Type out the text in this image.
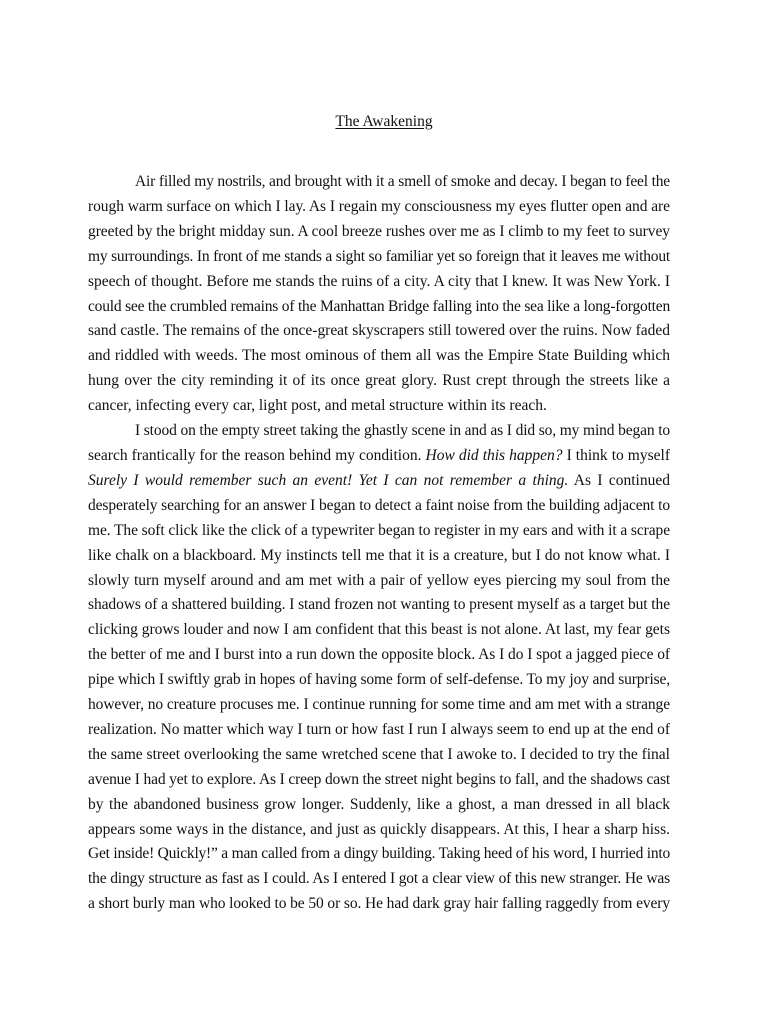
The Awakening

Air filled my nostrils, and brought with it a smell of smoke and decay. I began to feel the
rough warm surface on which I lay. As I regain my consciousness my eyes flutter open and are
greeted by the bright midday sun. A cool breeze rushes over me as I climb to my feet to survey
my surroundings. In front of me stands a sight so familiar yet so foreign that it leaves me without
speech of thought. Before me stands the ruins of a city. A city that I knew. It was New York. I
could see the crumbled remains of the Manhattan Bridge falling into the sea like a long-forgotten
sand castle. The remains of the once-great skyscrapers still towered over the ruins. Now faded
and riddled with weeds. The most ominous of them all was the Empire State Building which
hung over the city reminding it of its once great glory. Rust crept through the streets like a
cancer, infecting every car, light post, and metal structure within its reach.

I stood on the empty street taking the ghastly scene in and as I did so, my mind began to
search frantically for the reason behind my condition. How did this happen? I think to myself
Surely I would remember such an event! Yet I can not remember a thing. As I continued
desperately searching for an answer I began to detect a faint noise from the building adjacent to
me. The soft click like the click of a typewriter began to register in my ears and with it a scrape
like chalk on a blackboard. My instincts tell me that it is a creature, but I do not know what. I
slowly turn myself around and am met with a pair of yellow eyes piercing my soul from the
shadows of a shattered building. I stand frozen not wanting to present myself as a target but the
clicking grows louder and now I am confident that this beast is not alone. At last, my fear gets
the better of me and I burst into a run down the opposite block. As I do I spot a jagged piece of
pipe which I swiftly grab in hopes of having some form of self-defense. To my joy and surprise,
however, no creature procuses me. I continue running for some time and am met with a strange
realization. No matter which way I turn or how fast I run I always seem to end up at the end of
the same street overlooking the same wretched scene that I awoke to. I decided to try the final
avenue I had yet to explore. As I creep down the street night begins to fall, and the shadows cast
by the abandoned business grow longer. Suddenly, like a ghost, a man dressed in all black
appears some ways in the distance, and just as quickly disappears. At this, I hear a sharp hiss.
Get inside! Quickly!” a man called from a dingy building. Taking heed of his word, I hurried into
the dingy structure as fast as I could. As I entered I got a clear view of this new stranger. He was
a short burly man who looked to be 50 or so. He had dark gray hair falling raggedly from every
